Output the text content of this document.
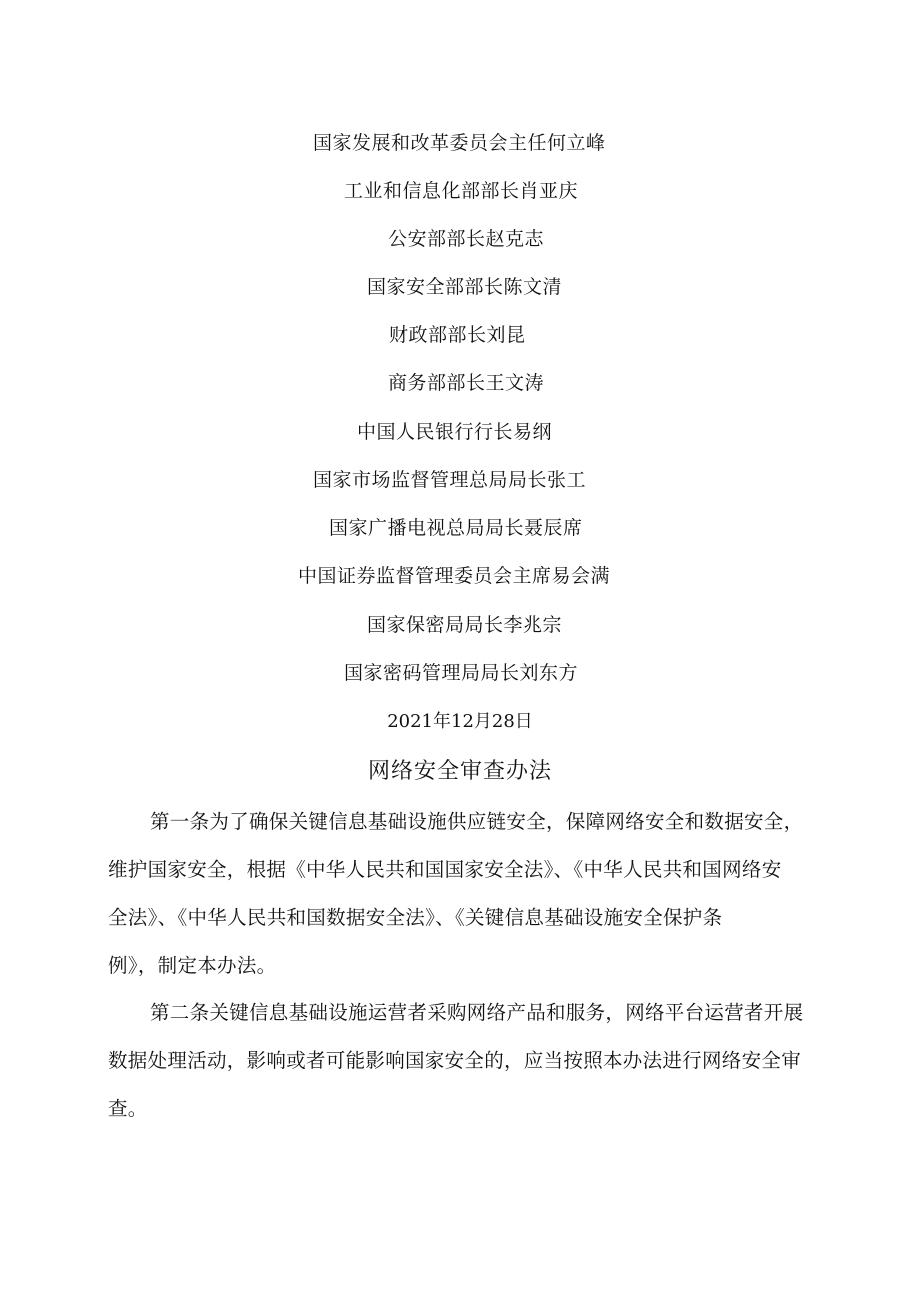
国家发展和改革委员会主任何立峰
工业和信息化部部长肖亚庆
公安部部长赵克志
国家安全部部长陈文清
财政部部长刘昆
商务部部长王文涛
中国人民银行行长易纲
国家市场监督管理总局局长张工
国家广播电视总局局长聂辰席
中国证券监督管理委员会主席易会满
国家保密局局长李兆宗
国家密码管理局局长刘东方
2021年12月28日
网络安全审查办法
第一条为了确保关键信息基础设施供应链安全，保障网络安全和数据安全，
维护国家安全，根据《中华人民共和国国家安全法》、《中华人民共和国网络安
全法》、《中华人民共和国数据安全法》、《关键信息基础设施安全保护条
例》，制定本办法。
第二条关键信息基础设施运营者采购网络产品和服务，网络平台运营者开展
数据处理活动，影响或者可能影响国家安全的，应当按照本办法进行网络安全审
查。
